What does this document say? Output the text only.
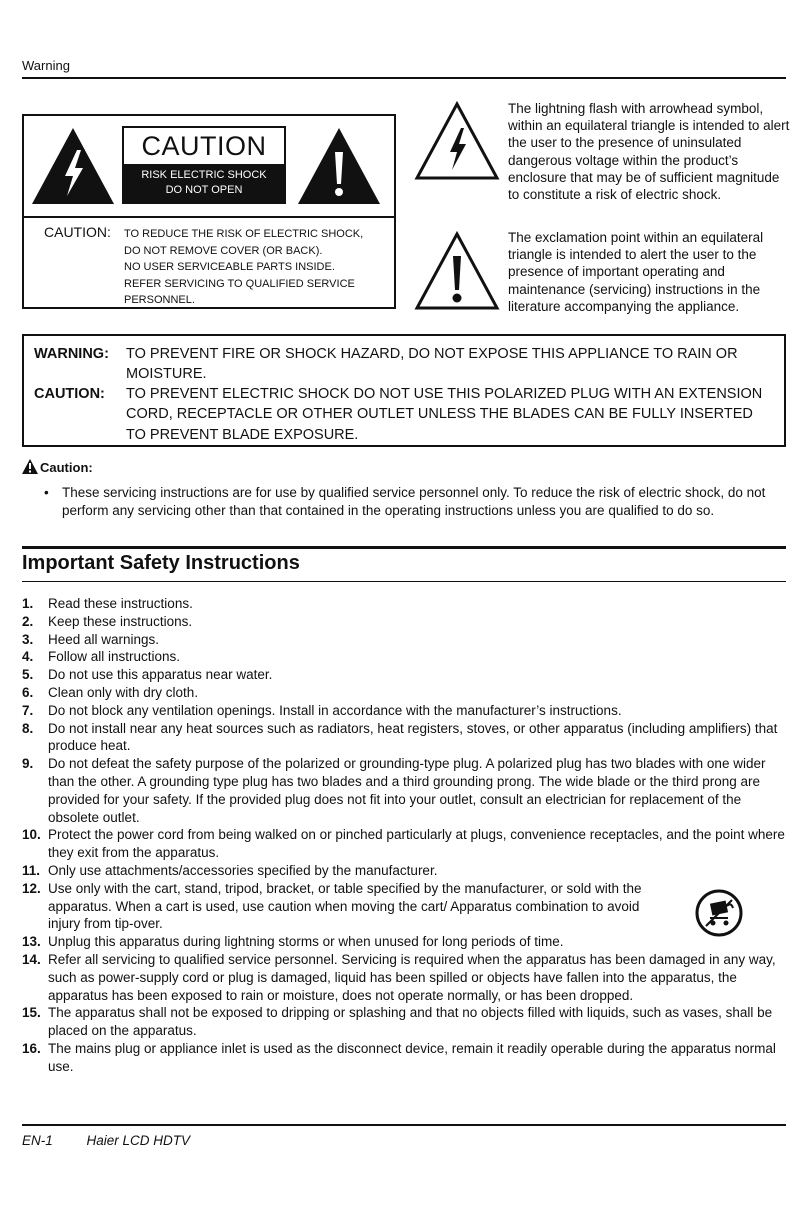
Warning
CAUTION
RISK ELECTRIC SHOCK
DO NOT OPEN
CAUTION: TO REDUCE THE RISK OF ELECTRIC SHOCK,
DO NOT REMOVE COVER (OR BACK).
NO USER SERVICEABLE PARTS INSIDE.
REFER SERVICING TO QUALIFIED SERVICE
PERSONNEL.
The lightning flash with arrowhead symbol, within an equilateral triangle is intended to alert the user to the presence of uninsulated dangerous voltage within the product’s enclosure that may be of sufficient magnitude to constitute a risk of electric shock.
The exclamation point within an equilateral triangle is intended to alert the user to the presence of important operating and maintenance (servicing) instructions in the literature accompanying the appliance.
WARNING: TO PREVENT FIRE OR SHOCK HAZARD, DO NOT EXPOSE THIS APPLIANCE TO RAIN OR MOISTURE.
CAUTION: TO PREVENT ELECTRIC SHOCK DO NOT USE THIS POLARIZED PLUG WITH AN EXTENSION CORD, RECEPTACLE OR OTHER OUTLET UNLESS THE BLADES CAN BE FULLY INSERTED TO PREVENT BLADE EXPOSURE.
Caution:
• These servicing instructions are for use by qualified service personnel only. To reduce the risk of electric shock, do not perform any servicing other than that contained in the operating instructions unless you are qualified to do so.
Important Safety Instructions
1. Read these instructions.
2. Keep these instructions.
3. Heed all warnings.
4. Follow all instructions.
5. Do not use this apparatus near water.
6. Clean only with dry cloth.
7. Do not block any ventilation openings. Install in accordance with the manufacturer’s instructions.
8. Do not install near any heat sources such as radiators, heat registers, stoves, or other apparatus (including amplifiers) that produce heat.
9. Do not defeat the safety purpose of the polarized or grounding-type plug. A polarized plug has two blades with one wider than the other. A grounding type plug has two blades and a third grounding prong. The wide blade or the third prong are provided for your safety. If the provided plug does not fit into your outlet, consult an electrician for replacement of the obsolete outlet.
10. Protect the power cord from being walked on or pinched particularly at plugs, convenience receptacles, and the point where they exit from the apparatus.
11. Only use attachments/accessories specified by the manufacturer.
12. Use only with the cart, stand, tripod, bracket, or table specified by the manufacturer, or sold with the apparatus. When a cart is used, use caution when moving the cart/ Apparatus combination to avoid injury from tip-over.
13. Unplug this apparatus during lightning storms or when unused for long periods of time.
14. Refer all servicing to qualified service personnel. Servicing is required when the apparatus has been damaged in any way, such as power-supply cord or plug is damaged, liquid has been spilled or objects have fallen into the apparatus, the apparatus has been exposed to rain or moisture, does not operate normally, or has been dropped.
15. The apparatus shall not be exposed to dripping or splashing and that no objects filled with liquids, such as vases, shall be placed on the apparatus.
16. The mains plug or appliance inlet is used as the disconnect device, remain it readily operable during the apparatus normal use.
EN-1	Haier LCD HDTV
